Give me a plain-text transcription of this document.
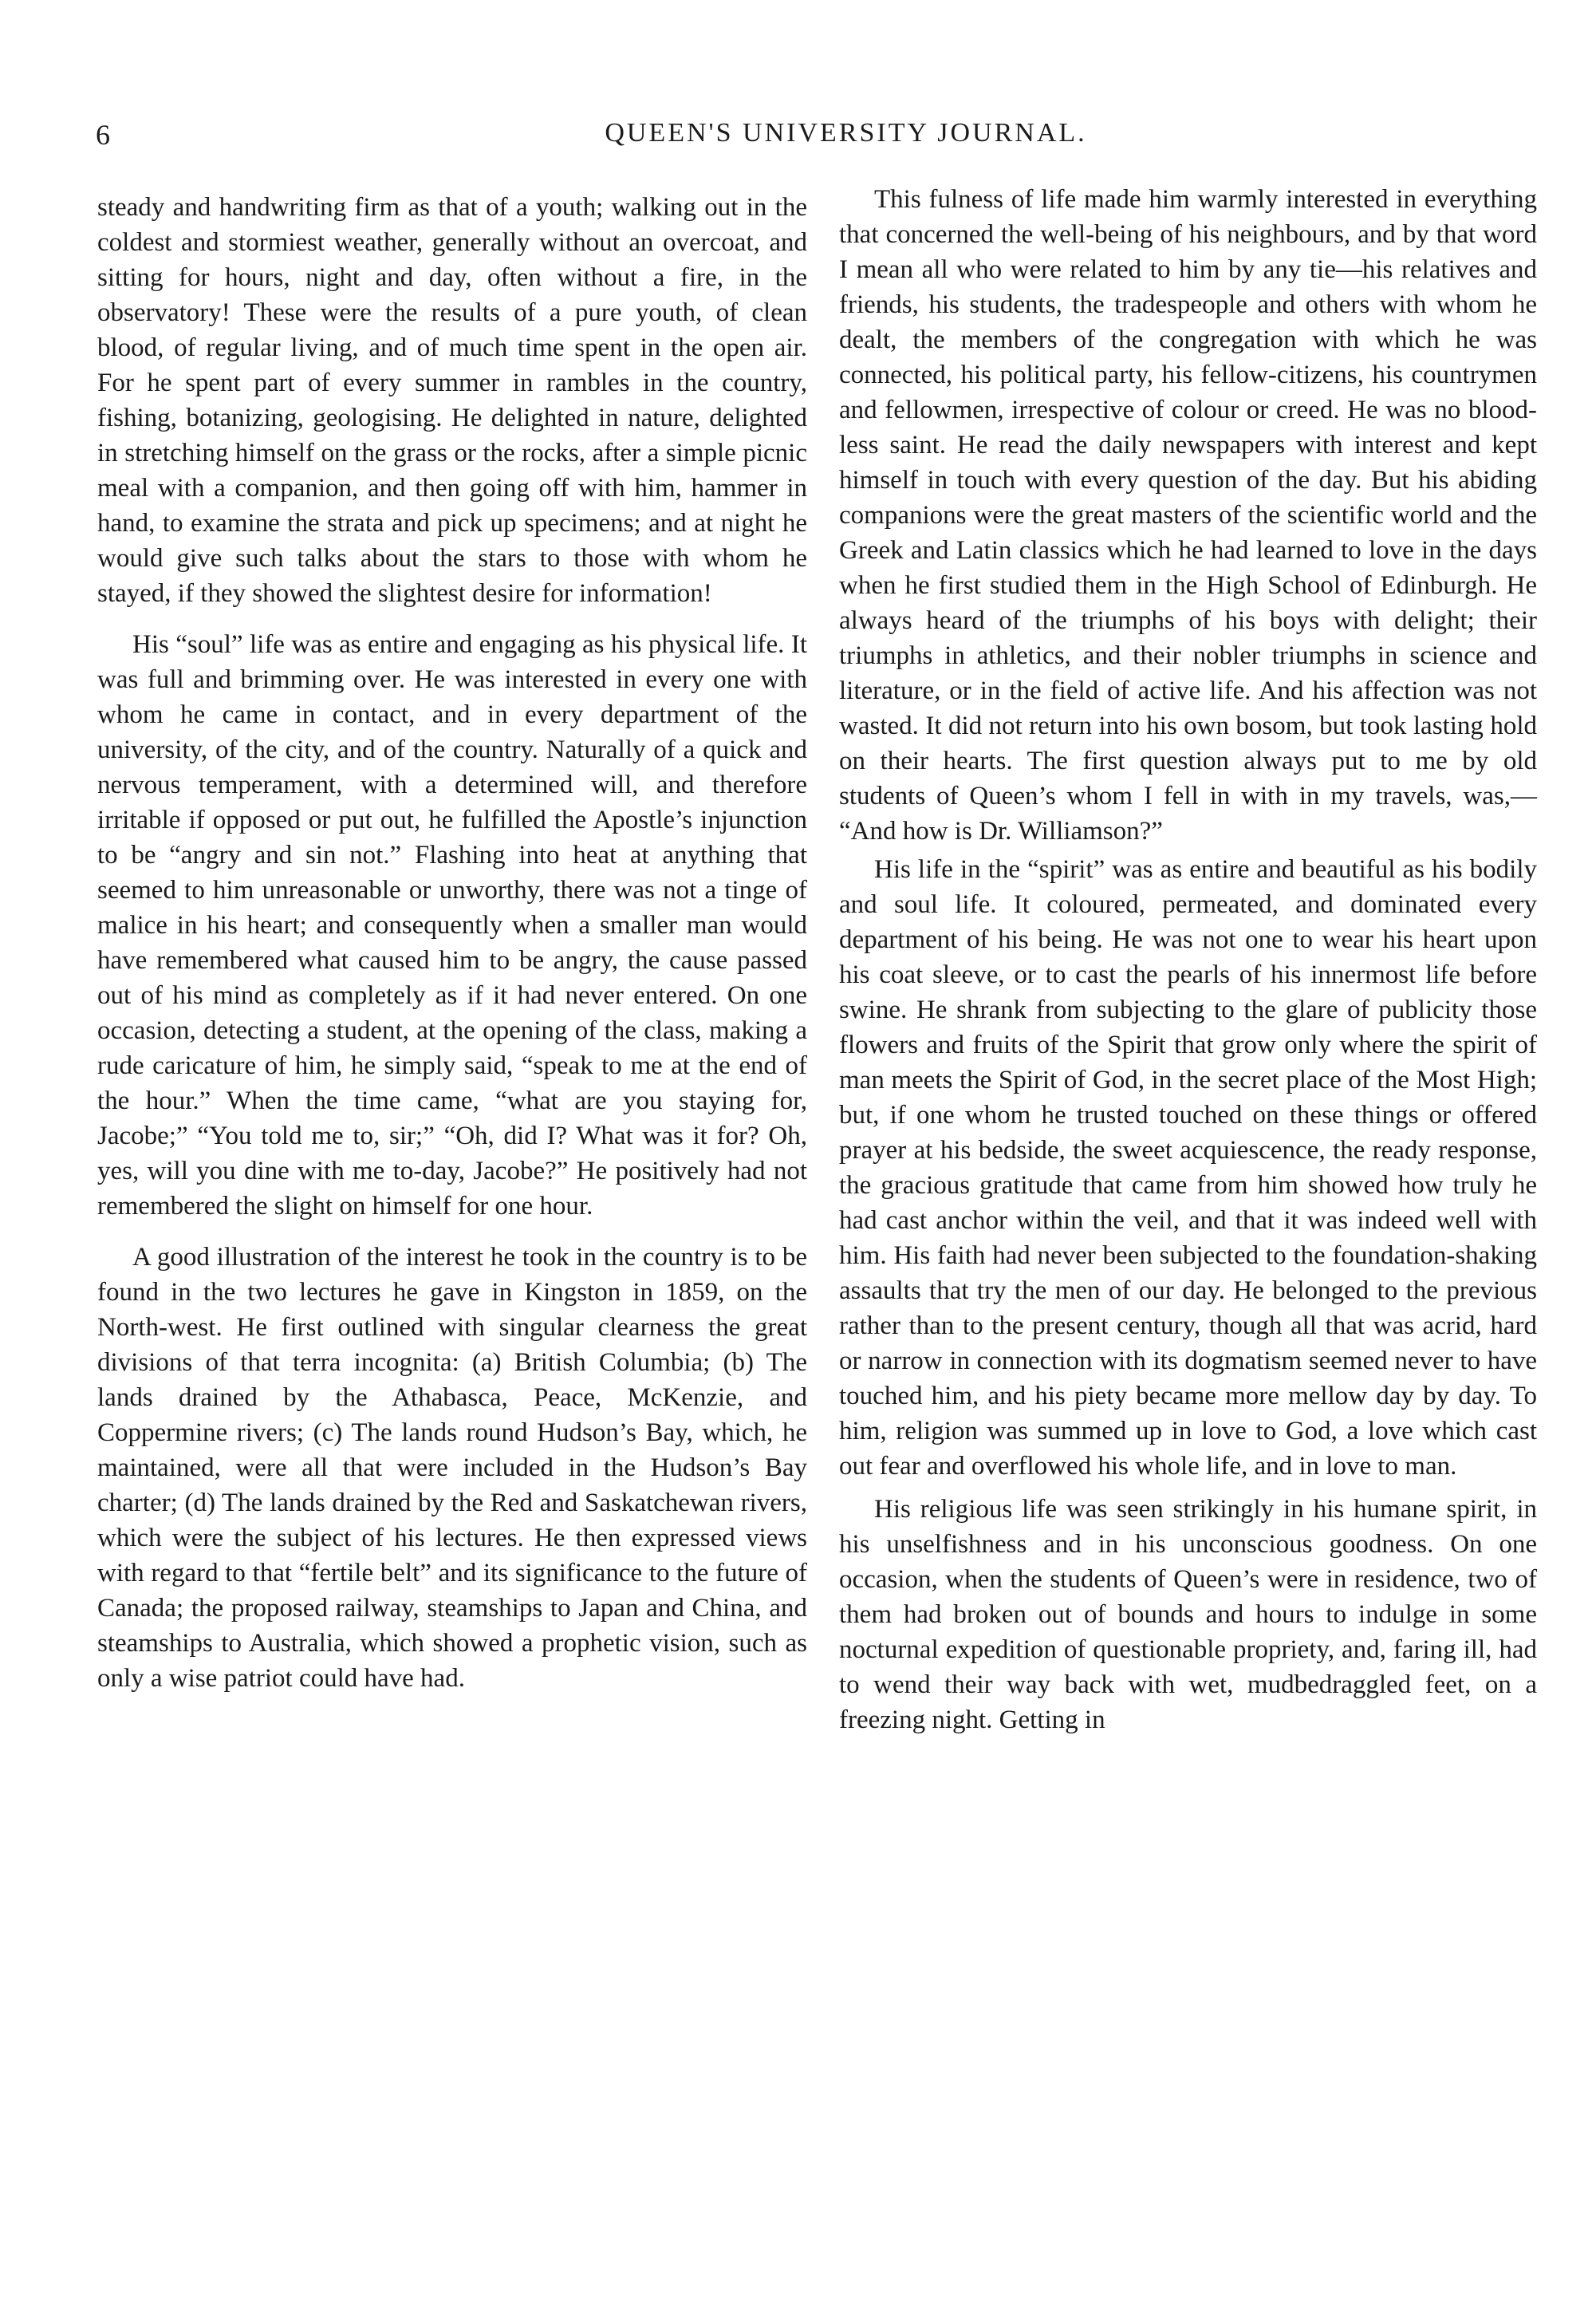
6	QUEEN'S UNIVERSITY JOURNAL.

steady and handwriting firm as that of a youth; walking out in the coldest and stormiest weather, generally without an overcoat, and sitting for hours, night and day, often without a fire, in the observatory! These were the results of a pure youth, of clean blood, of regular living, and of much time spent in the open air. For he spent part of every summer in rambles in the country, fishing, botanizing, geologising. He delighted in nature, delighted in stretching himself on the grass or the rocks, after a simple picnic meal with a companion, and then going off with him, hammer in hand, to examine the strata and pick up specimens; and at night he would give such talks about the stars to those with whom he stayed, if they showed the slightest desire for information!

His “soul” life was as entire and engaging as his physical life. It was full and brimming over. He was interested in every one with whom he came in contact, and in every department of the university, of the city, and of the country. Naturally of a quick and nervous temperament, with a determined will, and therefore irritable if opposed or put out, he fulfilled the Apostle’s injunction to be “angry and sin not.” Flashing into heat at anything that seemed to him unreasonable or unworthy, there was not a tinge of malice in his heart; and consequently when a smaller man would have remembered what caused him to be angry, the cause passed out of his mind as completely as if it had never entered. On one occasion, detecting a student, at the opening of the class, making a rude caricature of him, he simply said, “speak to me at the end of the hour.” When the time came, “what are you staying for, Jacobe;” “You told me to, sir;” “Oh, did I? What was it for? Oh, yes, will you dine with me to-day, Jacobe?” He positively had not remembered the slight on himself for one hour.

A good illustration of the interest he took in the country is to be found in the two lectures he gave in Kingston in 1859, on the North-west. He first outlined with singular clearness the great divisions of that terra incognita: (a) British Columbia; (b) The lands drained by the Athabasca, Peace, McKenzie, and Coppermine rivers; (c) The lands round Hudson’s Bay, which, he maintained, were all that were included in the Hudson’s Bay charter; (d) The lands drained by the Red and Saskatchewan rivers, which were the subject of his lectures. He then expressed views with regard to that “fertile belt” and its significance to the future of Canada; the proposed railway, steamships to Japan and China, and steamships to Australia, which showed a prophetic vision, such as only a wise patriot could have had.

This fulness of life made him warmly interested in everything that concerned the well-being of his neighbours, and by that word I mean all who were related to him by any tie—his relatives and friends, his students, the tradespeople and others with whom he dealt, the members of the congregation with which he was connected, his political party, his fellow-citizens, his countrymen and fellowmen, irrespective of colour or creed. He was no bloodless saint. He read the daily newspapers with interest and kept himself in touch with every question of the day. But his abiding companions were the great masters of the scientific world and the Greek and Latin classics which he had learned to love in the days when he first studied them in the High School of Edinburgh. He always heard of the triumphs of his boys with delight; their triumphs in athletics, and their nobler triumphs in science and literature, or in the field of active life. And his affection was not wasted. It did not return into his own bosom, but took lasting hold on their hearts. The first question always put to me by old students of Queen’s whom I fell in with in my travels, was,— “And how is Dr. Williamson?”

His life in the “spirit” was as entire and beautiful as his bodily and soul life. It coloured, permeated, and dominated every department of his being. He was not one to wear his heart upon his coat sleeve, or to cast the pearls of his innermost life before swine. He shrank from subjecting to the glare of publicity those flowers and fruits of the Spirit that grow only where the spirit of man meets the Spirit of God, in the secret place of the Most High; but, if one whom he trusted touched on these things or offered prayer at his bedside, the sweet acquiescence, the ready response, the gracious gratitude that came from him showed how truly he had cast anchor within the veil, and that it was indeed well with him. His faith had never been subjected to the foundation-shaking assaults that try the men of our day. He belonged to the previous rather than to the present century, though all that was acrid, hard or narrow in connection with its dogmatism seemed never to have touched him, and his piety became more mellow day by day. To him, religion was summed up in love to God, a love which cast out fear and overflowed his whole life, and in love to man.

His religious life was seen strikingly in his humane spirit, in his unselfishness and in his unconscious goodness. On one occasion, when the students of Queen’s were in residence, two of them had broken out of bounds and hours to indulge in some nocturnal expedition of questionable propriety, and, faring ill, had to wend their way back with wet, mudbedraggled feet, on a freezing night. Getting in
